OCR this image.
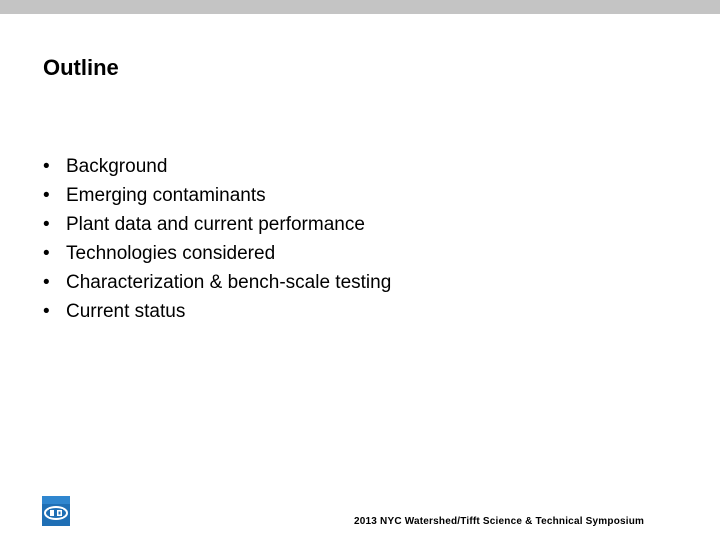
Outline
• Background
• Emerging contaminants
• Plant data and current performance
• Technologies considered
• Characterization & bench-scale testing
• Current status
2013 NYC Watershed/Tifft Science & Technical Symposium
